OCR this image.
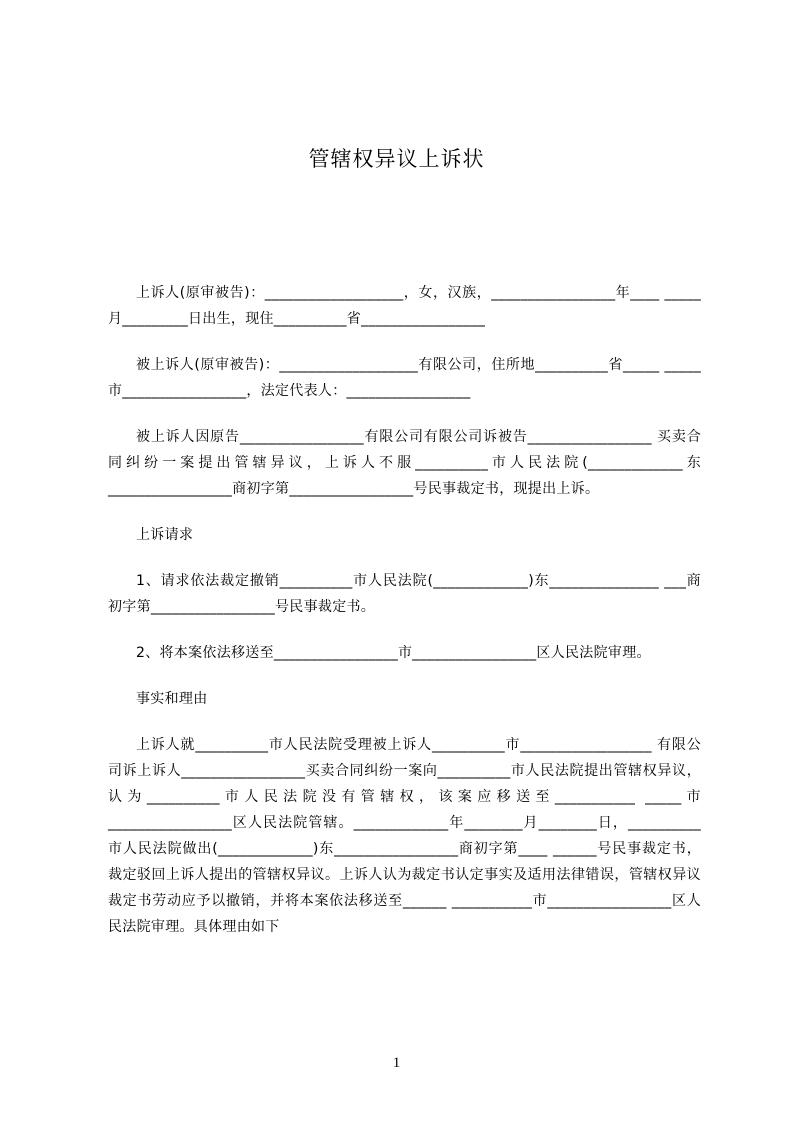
管辖权异议上诉状

上诉人(原审被告)：___________________，女，汉族，_________________年____ _____月_________日出生，现住__________省_________________

被上诉人(原审被告)：___________________有限公司，住所地__________省_____ _____市_________________，法定代表人：_________________

被上诉人因原告_________________有限公司有限公司诉被告_________________ 买卖合同纠纷一案提出管辖异议，上诉人不服__________市人民法院(_____________东_________________商初字第_________________号民事裁定书，现提出上诉。

上诉请求

1、请求依法裁定撤销__________市人民法院(_____________)东_______________ ___商初字第_________________号民事裁定书。

2、将本案依法移送至_________________市_________________区人民法院审理。

事实和理由

上诉人就__________市人民法院受理被上诉人__________市__________________ 有限公司诉上诉人_________________买卖合同纠纷一案向__________市人民法院提出管辖权异议，认为__________市人民法院没有管辖权，该案应移送至___________ _____市_________________区人民法院管辖。_____________年________月________日，__________市人民法院做出(_____________)东_________________商初字第____ ______号民事裁定书，裁定驳回上诉人提出的管辖权异议。上诉人认为裁定书认定事实及适用法律错误，管辖权异议裁定书劳动应予以撤销，并将本案依法移送至______ ___________市_________________区人民法院审理。具体理由如下

1
